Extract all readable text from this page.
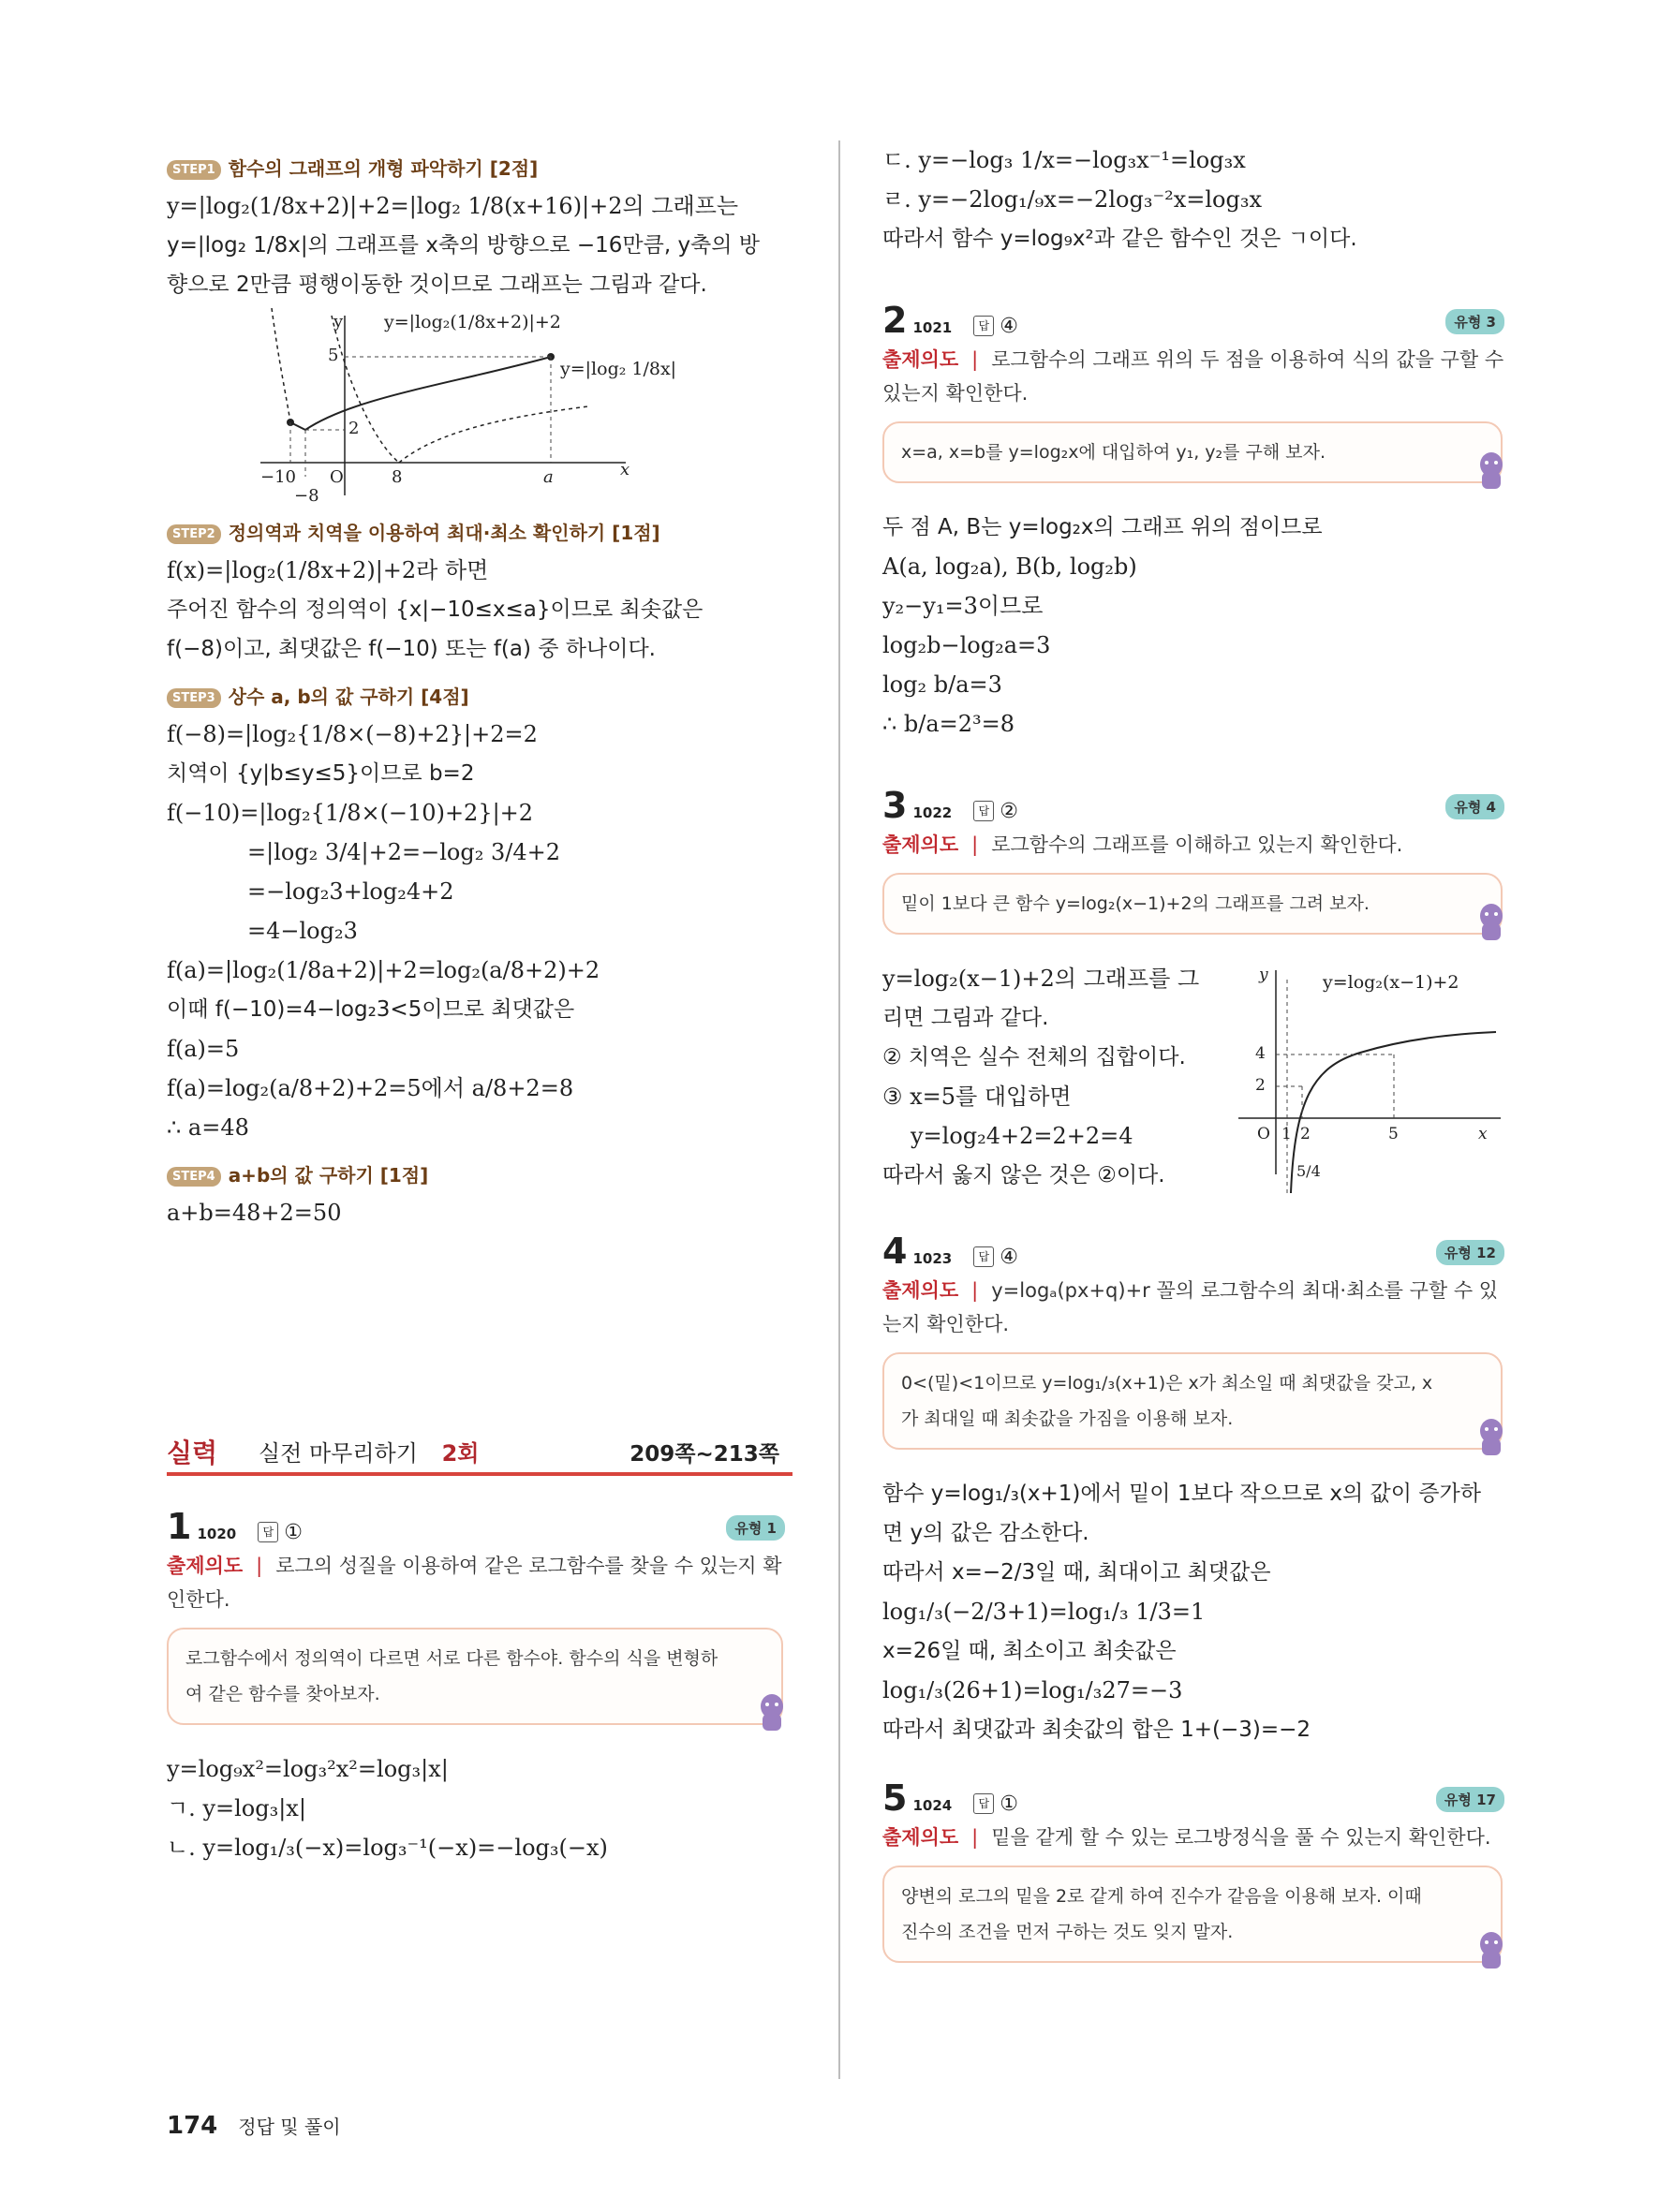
STEP1 함수의 그래프의 개형 파악하기 [2점]
y=|log₂(1/8x+2)|+2=|log₂ 1/8(x+16)|+2의 그래프는
y=|log₂ 1/8x|의 그래프를 x축의 방향으로 −16만큼, y축의 방
향으로 2만큼 평행이동한 것이므로 그래프는 그림과 같다.
y y=|log₂(1/8x+2)|+2
y=|log₂ 1/8x|
5
2
−10 O
−8
8	a	x
STEP2 정의역과 치역을 이용하여 최대·최소 확인하기 [1점]
f(x)=|log₂(1/8x+2)|+2라 하면
주어진 함수의 정의역이 {x|−10≤x≤a}이므로 최솟값은
f(−8)이고, 최댓값은 f(−10) 또는 f(a) 중 하나이다.
STEP3 상수 a, b의 값 구하기 [4점]
f(−8)=|log₂{1/8×(−8)+2}|+2=2
치역이 {y|b≤y≤5}이므로 b=2
f(−10)=|log₂{1/8×(−10)+2}|+2
=|log₂ 3/4|+2=−log₂ 3/4+2
=−log₂3+log₂4+2
=4−log₂3
f(a)=|log₂(1/8a+2)|+2=log₂(a/8+2)+2
이때 f(−10)=4−log₂3<5이므로 최댓값은
f(a)=5
f(a)=log₂(a/8+2)+2=5에서 a/8+2=8
∴ a=48
STEP4 a+b의 값 구하기 [1점]
a+b=48+2=50
실력 실전 마무리하기 2회	209쪽~213쪽
1 1020 답 ①	유형 1
출제의도 | 로그의 성질을 이용하여 같은 로그함수를 찾을 수 있는지 확인한다.
로그함수에서 정의역이 다르면 서로 다른 함수야. 함수의 식을 변형하여 같은 함수를 찾아보자.
y=log₉x²=log₃²x²=log₃|x|
ㄱ. y=log₃|x|
ㄴ. y=log₁/₃(−x)=log₃⁻¹(−x)=−log₃(−x)
ㄷ. y=−log₃ 1/x=−log₃x⁻¹=log₃x
ㄹ. y=−2log₁/₉x=−2log₃⁻²x=log₃x
따라서 함수 y=log₉x²과 같은 함수인 것은 ㄱ이다.
2 1021 답 ④	유형 3
출제의도 | 로그함수의 그래프 위의 두 점을 이용하여 식의 값을 구할 수 있는지 확인한다.
x=a, x=b를 y=log₂x에 대입하여 y₁, y₂를 구해 보자.
두 점 A, B는 y=log₂x의 그래프 위의 점이므로
A(a, log₂a), B(b, log₂b)
y₂−y₁=3이므로
log₂b−log₂a=3
log₂ b/a=3
∴ b/a=2³=8
3 1022 답 ②	유형 4
출제의도 | 로그함수의 그래프를 이해하고 있는지 확인한다.
밑이 1보다 큰 함수 y=log₂(x−1)+2의 그래프를 그려 보자.
y=log₂(x−1)+2의 그래프를 그
리면 그림과 같다.
② 치역은 실수 전체의 집합이다.
③ x=5를 대입하면
y=log₂4+2=2+2=4
따라서 옳지 않은 것은 ②이다.
y	y=log₂(x−1)+2
4
2
O 1 2	5	x
5/4
4 1023 답 ④	유형 12
출제의도 | y=logₐ(px+q)+r 꼴의 로그함수의 최대·최소를 구할 수 있는지 확인한다.
0<(밑)<1이므로 y=log₁/₃(x+1)은 x가 최소일 때 최댓값을 갖고, x가 최대일 때 최솟값을 가짐을 이용해 보자.
함수 y=log₁/₃(x+1)에서 밑이 1보다 작으므로 x의 값이 증가하
면 y의 값은 감소한다.
따라서 x=−2/3일 때, 최대이고 최댓값은
log₁/₃(−2/3+1)=log₁/₃ 1/3=1
x=26일 때, 최소이고 최솟값은
log₁/₃(26+1)=log₁/₃27=−3
따라서 최댓값과 최솟값의 합은 1+(−3)=−2
5 1024 답 ①	유형 17
출제의도 | 밑을 같게 할 수 있는 로그방정식을 풀 수 있는지 확인한다.
양변의 로그의 밑을 2로 같게 하여 진수가 같음을 이용해 보자. 이때 진수의 조건을 먼저 구하는 것도 잊지 말자.
174 정답 및 풀이
